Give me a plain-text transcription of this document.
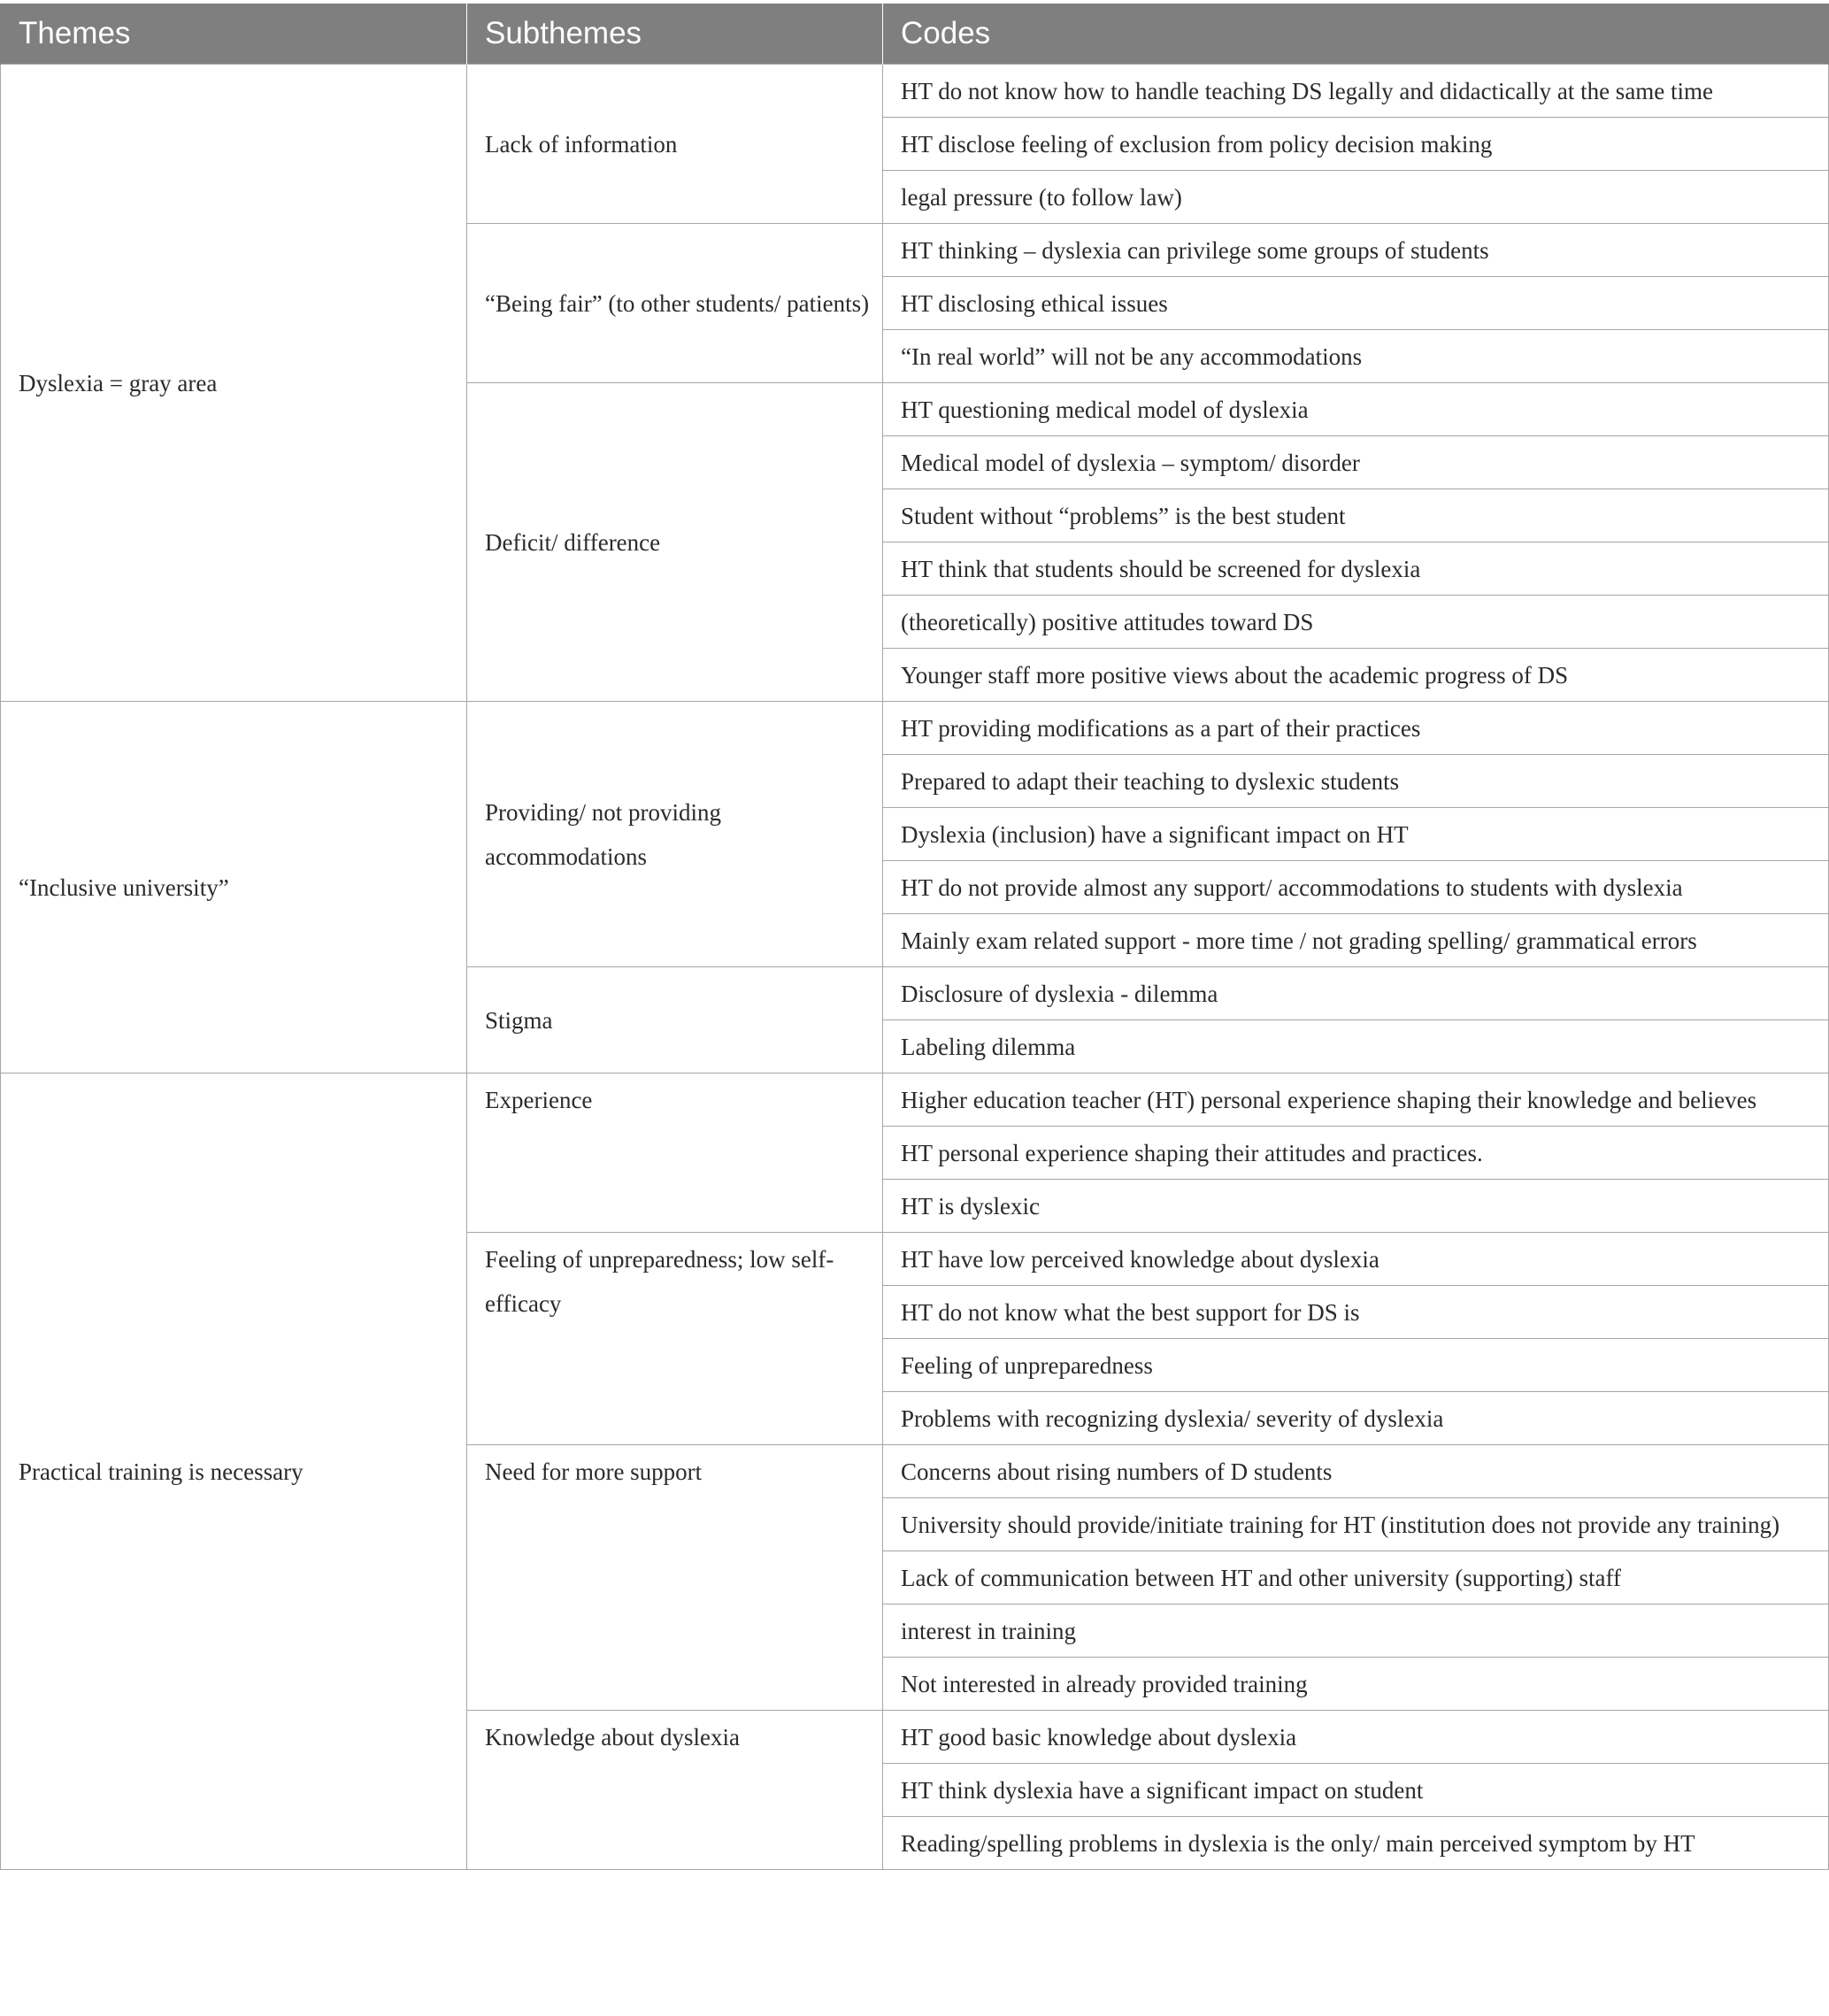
Themes	Subthemes	Codes
Dyslexia = gray area	Lack of information	HT do not know how to handle teaching DS legally and didactically at the same time
		HT disclose feeling of exclusion from policy decision making
		legal pressure (to follow law)
	“Being fair” (to other students/ patients)	HT thinking – dyslexia can privilege some groups of students
		HT disclosing ethical issues
		“In real world” will not be any accommodations
	Deficit/ difference	HT questioning medical model of dyslexia
		Medical model of dyslexia – symptom/ disorder
		Student without “problems” is the best student
		HT think that students should be screened for dyslexia
		(theoretically) positive attitudes toward DS
		Younger staff more positive views about the academic progress of DS
“Inclusive university”	Providing/ not providing accommodations	HT providing modifications as a part of their practices
		Prepared to adapt their teaching to dyslexic students
		Dyslexia (inclusion) have a significant impact on HT
		HT do not provide almost any support/ accommodations to students with dyslexia
		Mainly exam related support - more time / not grading spelling/ grammatical errors
	Stigma	Disclosure of dyslexia - dilemma
		Labeling dilemma
Practical training is necessary	Experience	Higher education teacher (HT) personal experience shaping their knowledge and believes
		HT personal experience shaping their attitudes and practices.
		HT is dyslexic
	Feeling of unpreparedness; low self-efficacy	HT have low perceived knowledge about dyslexia
		HT do not know what the best support for DS is
		Feeling of unpreparedness
		Problems with recognizing dyslexia/ severity of dyslexia
	Need for more support	Concerns about rising numbers of D students
		University should provide/initiate training for HT (institution does not provide any training)
		Lack of communication between HT and other university (supporting) staff
		interest in training
		Not interested in already provided training
	Knowledge about dyslexia	HT good basic knowledge about dyslexia
		HT think dyslexia have a significant impact on student
		Reading/spelling problems in dyslexia is the only/ main perceived symptom by HT
